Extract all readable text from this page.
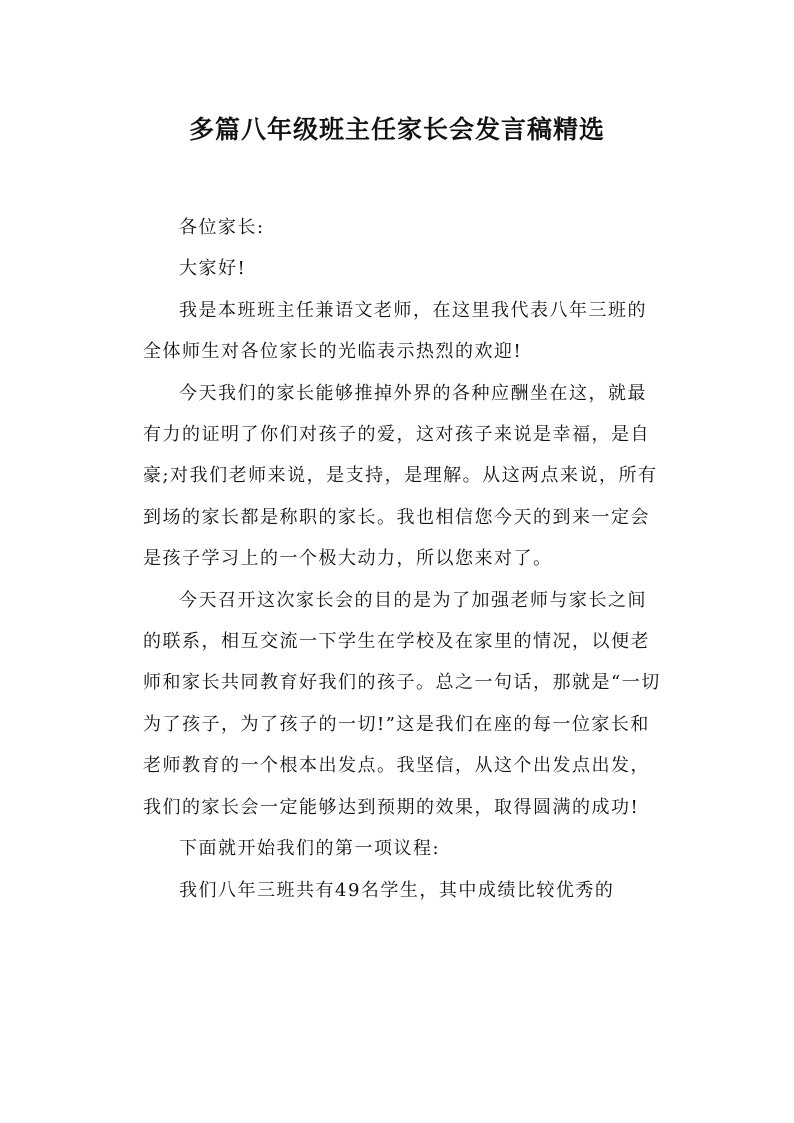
多篇八年级班主任家长会发言稿精选

各位家长:

大家好!

我是本班班主任兼语文老师，在这里我代表八年三班的全体师生对各位家长的光临表示热烈的欢迎!

今天我们的家长能够推掉外界的各种应酬坐在这，就最有力的证明了你们对孩子的爱，这对孩子来说是幸福，是自豪;对我们老师来说，是支持，是理解。从这两点来说，所有到场的家长都是称职的家长。我也相信您今天的到来一定会是孩子学习上的一个极大动力，所以您来对了。

今天召开这次家长会的目的是为了加强老师与家长之间的联系，相互交流一下学生在学校及在家里的情况，以便老师和家长共同教育好我们的孩子。总之一句话，那就是“一切为了孩子，为了孩子的一切!”这是我们在座的每一位家长和老师教育的一个根本出发点。我坚信，从这个出发点出发，我们的家长会一定能够达到预期的效果，取得圆满的成功!

下面就开始我们的第一项议程:

我们八年三班共有49名学生，其中成绩比较优秀的
